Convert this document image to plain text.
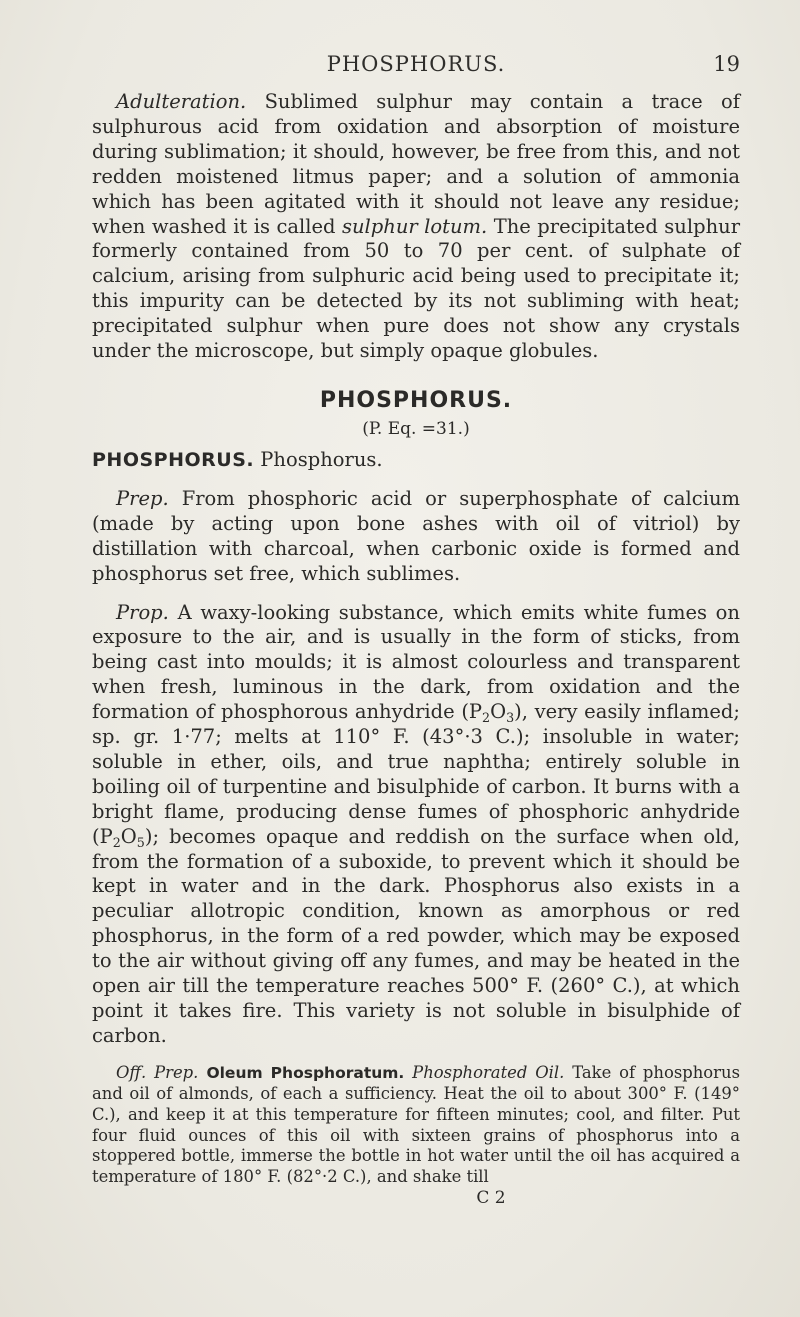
PHOSPHORUS.	19

Adulteration. Sublimed sulphur may contain a trace of sulphurous acid from oxidation and absorption of moisture during sublimation; it should, however, be free from this, and not redden moistened litmus paper; and a solution of ammonia which has been agitated with it should not leave any residue; when washed it is called sulphur lotum. The precipitated sulphur formerly contained from 50 to 70 per cent. of sulphate of calcium, arising from sulphuric acid being used to precipitate it; this impurity can be detected by its not subliming with heat; precipitated sulphur when pure does not show any crystals under the microscope, but simply opaque globules.

PHOSPHORUS.

(P. Eq. =31.)

PHOSPHORUS. Phosphorus.

Prep. From phosphoric acid or superphosphate of calcium (made by acting upon bone ashes with oil of vitriol) by distillation with charcoal, when carbonic oxide is formed and phosphorus set free, which sublimes.

Prop. A waxy-looking substance, which emits white fumes on exposure to the air, and is usually in the form of sticks, from being cast into moulds; it is almost colourless and transparent when fresh, luminous in the dark, from oxidation and the formation of phosphorous anhydride $(P_2O_3)$, very easily inflamed; sp. gr. 1·77; melts at 110° F. (43°·3 C.); insoluble in water; soluble in ether, oils, and true naphtha; entirely soluble in boiling oil of turpentine and bisulphide of carbon. It burns with a bright flame, producing dense fumes of phosphoric anhydride $(P_2O_5)$; becomes opaque and reddish on the surface when old, from the formation of a suboxide, to prevent which it should be kept in water and in the dark. Phosphorus also exists in a peculiar allotropic condition, known as amorphous or red phosphorus, in the form of a red powder, which may be exposed to the air without giving off any fumes, and may be heated in the open air till the temperature reaches 500° F. (260° C.), at which point it takes fire. This variety is not soluble in bisulphide of carbon.

Off. Prep. Oleum Phosphoratum. Phosphorated Oil. Take of phosphorus and oil of almonds, of each a sufficiency. Heat the oil to about 300° F. (149° C.), and keep it at this temperature for fifteen minutes; cool, and filter. Put four fluid ounces of this oil with sixteen grains of phosphorus into a stoppered bottle, immerse the bottle in hot water until the oil has acquired a temperature of 180° F. (82°·2 C.), and shake till

C 2
